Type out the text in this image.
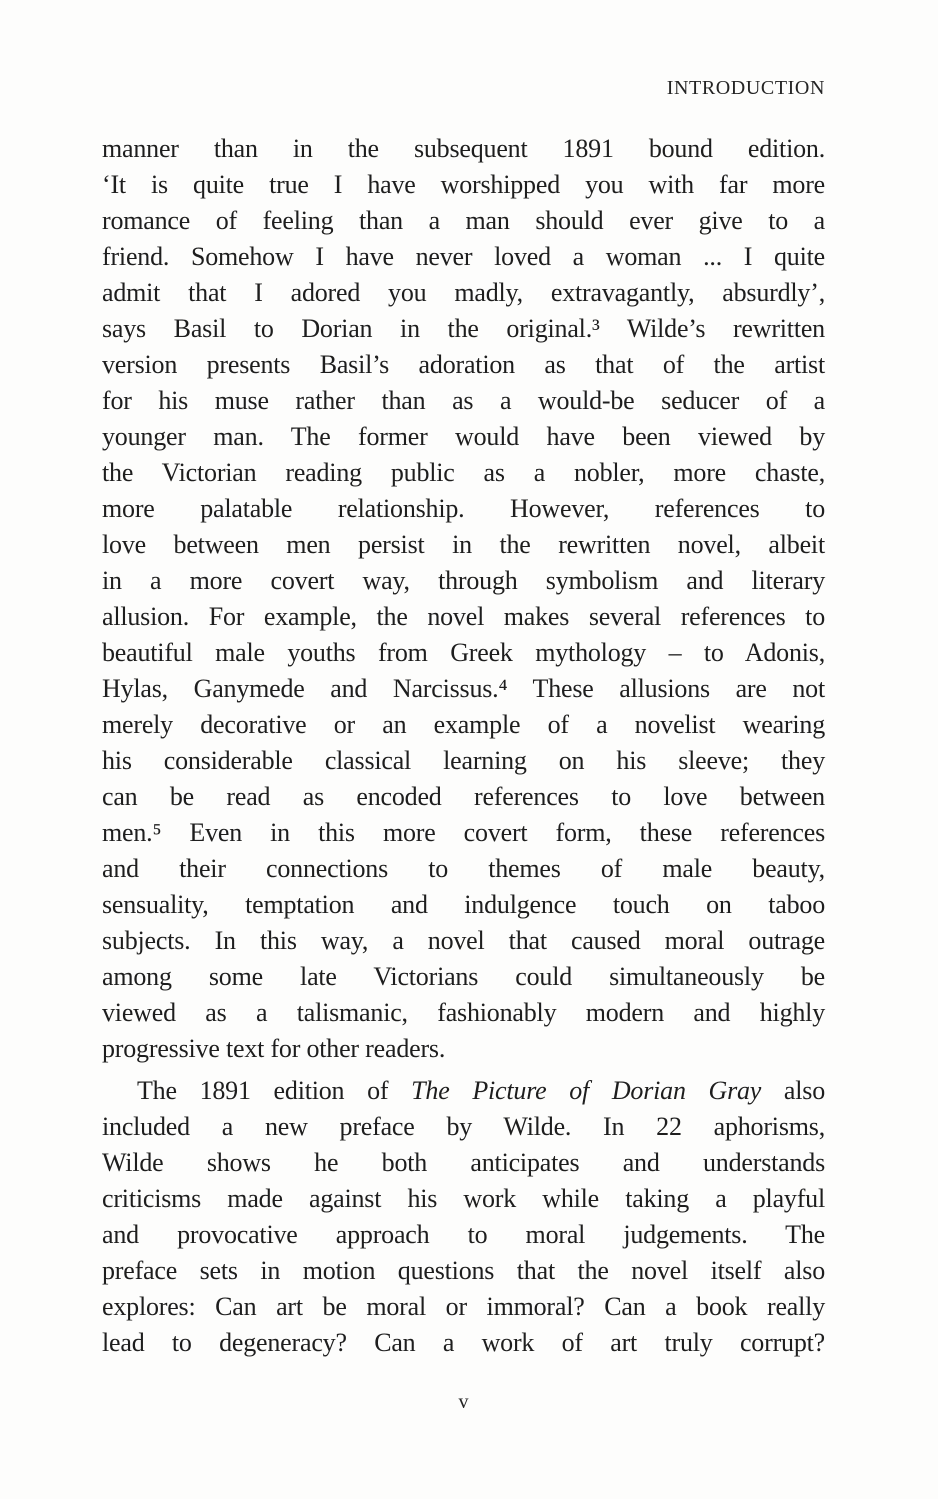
INTRODUCTION
manner than in the subsequent 1891 bound edition.
‘It is quite true I have worshipped you with far more
romance of feeling than a man should ever give to a
friend. Somehow I have never loved a woman ... I quite
admit that I adored you madly, extravagantly, absurdly’,
says Basil to Dorian in the original.³ Wilde’s rewritten
version presents Basil’s adoration as that of the artist
for his muse rather than as a would-be seducer of a
younger man. The former would have been viewed by
the Victorian reading public as a nobler, more chaste,
more palatable relationship. However, references to
love between men persist in the rewritten novel, albeit
in a more covert way, through symbolism and literary
allusion. For example, the novel makes several references to
beautiful male youths from Greek mythology – to Adonis,
Hylas, Ganymede and Narcissus.⁴ These allusions are not
merely decorative or an example of a novelist wearing
his considerable classical learning on his sleeve; they
can be read as encoded references to love between
men.⁵ Even in this more covert form, these references
and their connections to themes of male beauty,
sensuality, temptation and indulgence touch on taboo
subjects. In this way, a novel that caused moral outrage
among some late Victorians could simultaneously be
viewed as a talismanic, fashionably modern and highly
progressive text for other readers.
The 1891 edition of The Picture of Dorian Gray also
included a new preface by Wilde. In 22 aphorisms,
Wilde shows he both anticipates and understands
criticisms made against his work while taking a playful
and provocative approach to moral judgements. The
preface sets in motion questions that the novel itself also
explores: Can art be moral or immoral? Can a book really
lead to degeneracy? Can a work of art truly corrupt?
v
